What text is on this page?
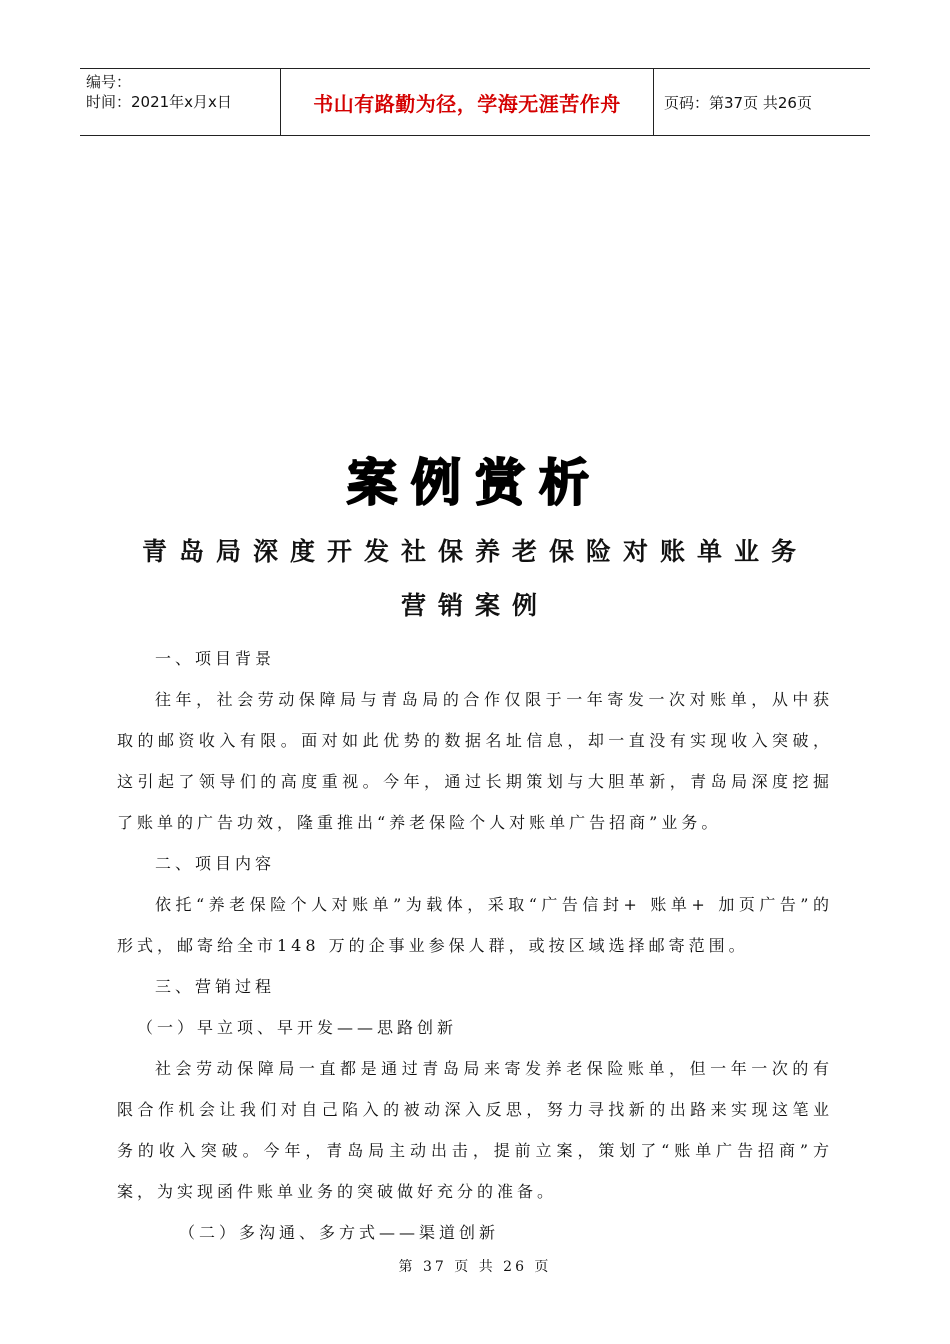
编号：
时间：2021年x月x日	书山有路勤为径，学海无涯苦作舟	页码：第37页 共26页
案例赏析
青岛局深度开发社保养老保险对账单业务
营销案例

一、项目背景

往年，社会劳动保障局与青岛局的合作仅限于一年寄发一次对账单，从中获取的邮资收入有限。面对如此优势的数据名址信息，却一直没有实现收入突破，这引起了领导们的高度重视。今年，通过长期策划与大胆革新，青岛局深度挖掘了账单的广告功效，隆重推出“养老保险个人对账单广告招商”业务。

二、项目内容

依托“养老保险个人对账单”为载体，采取“广告信封+ 账单+ 加页广告”的形式，邮寄给全市148 万的企事业参保人群，或按区域选择邮寄范围。

三、营销过程

（一）早立项、早开发——思路创新

社会劳动保障局一直都是通过青岛局来寄发养老保险账单，但一年一次的有限合作机会让我们对自己陷入的被动深入反思，努力寻找新的出路来实现这笔业务的收入突破。今年，青岛局主动出击，提前立案，策划了“账单广告招商”方案，为实现函件账单业务的突破做好充分的准备。

（二）多沟通、多方式——渠道创新

第 37 页 共 26 页
